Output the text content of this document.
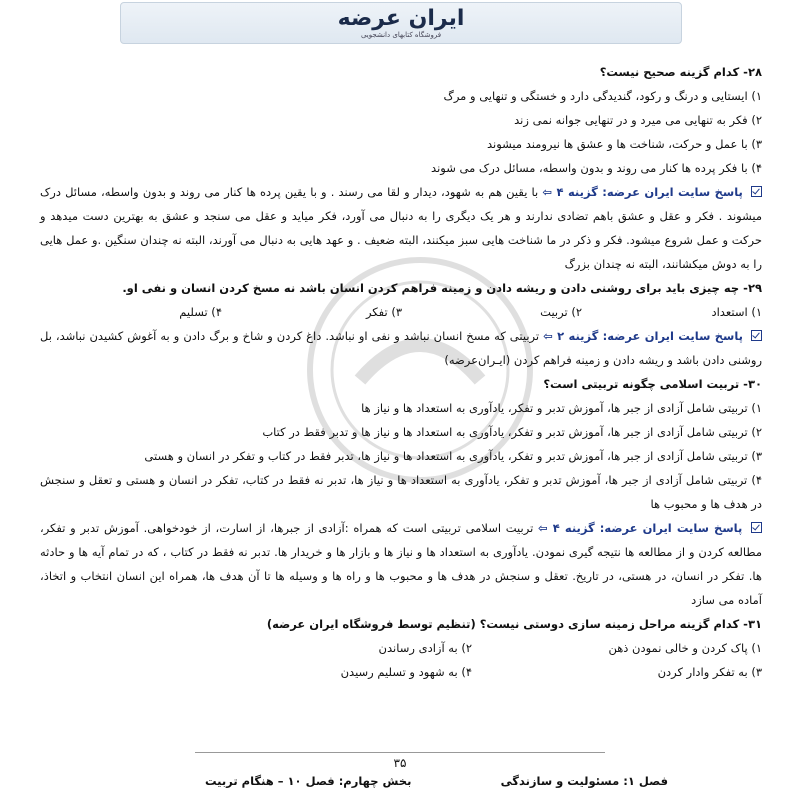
ایران عرضه
فروشگاه کتابهای دانشجویی
۲۸- کدام گزینه صحیح نیست؟
۱) ایستایی و درنگ و رکود، گندیدگی دارد و خستگی و تنهایی و مرگ
۲) فکر به تنهایی می میرد و در تنهایی جوانه نمی زند
۳) با عمل و حرکت، شناخت ها و عشق ها نیرومند میشوند
۴) با فکر پرده ها کنار می روند و بدون واسطه، مسائل درک می شوند
پاسخ سایت ایران عرضه: گزینه ۴ ⇦ با یقین هم به شهود، دیدار و لقا می رسند . و با یقین پرده ها کنار می روند و بدون واسطه، مسائل درک میشوند . فکر و عقل و عشق باهم تضادی ندارند و هر یک دیگری را به دنبال می آورد، فکر میاید و عقل می سنجد و عشق به بهترین دست میدهد و حرکت و عمل شروع میشود. فکر و ذکر در ما شناخت هایی سبز میکنند، البته ضعیف . و عهد هایی به دنبال می آورند، البته نه چندان سنگین .و عمل هایی را به دوش میکشانند، البته نه چندان بزرگ
۲۹- چه چیزی باید برای روشنی دادن و ریشه دادن و زمینه فراهم کردن انسان باشد نه مسخ کردن انسان و نفی او.
۱) استعداد
۲) تربیت
۳) تفکر
۴) تسلیم
پاسخ سایت ایران عرضه: گزینه ۲ ⇦ تربیتی که مسخ انسان نباشد و نفی او نباشد. داغ کردن و شاخ و برگ دادن و به آغوش کشیدن نباشد، بل روشنی دادن باشد و ریشه دادن و زمینه فراهم کردن (ایـران‌عرضه)
۳۰- تربیت اسلامی چگونه تربیتی است؟
۱) تربیتی شامل آزادی از جبر ها، آموزش تدبر و تفکر، یادآوری به استعداد ها و نیاز ها
۲) تربیتی شامل آزادی از جبر ها، آموزش تدبر و تفکر، یادآوری به استعداد ها و نیاز ها و تدبر فقط در کتاب
۳) تربیتی شامل آزادی از جبر ها، آموزش تدبر و تفکر، یادآوری به استعداد ها و نیاز ها، تدبر فقط در کتاب و تفکر در انسان و هستی
۴) تربیتی شامل آزادی از جبر ها، آموزش تدبر و تفکر، یادآوری به استعداد ها و نیاز ها، تدبر نه فقط در کتاب، تفکر در انسان و هستی و تعقل و سنجش در هدف ها و محبوب ها
پاسخ سایت ایران عرضه: گزینه ۴ ⇦ تربیت اسلامی تربیتی است که همراه :آزادی از جبرها، از اسارت، از خودخواهی. آموزش تدبر و تفکر، مطالعه کردن و از مطالعه ها نتیجه گیری نمودن. یادآوری به استعداد ها و نیاز ها و بازار ها و خریدار ها. تدبر نه فقط در کتاب ، که در تمام آیه ها و حادثه ها. تفکر در انسان، در هستی، در تاریخ. تعقل و سنجش در هدف ها و محبوب ها و راه ها و وسیله ها تا آن هدف ها، همراه این انسان انتخاب و اتخاذ، آماده می سازد
۳۱- کدام گزینه مراحل زمینه سازی دوستی نیست؟ (تنظیم توسط فروشگاه ایران عرضه)
۱) پاک کردن و خالی نمودن ذهن
۲) به آزادی رساندن
۳) به تفکر وادار کردن
۴) به شهود و تسلیم رسیدن
۳۵
فصل ۱: مسئولیت و سازندگی
بخش چهارم: فصل ۱۰ – هنگام تربیت
